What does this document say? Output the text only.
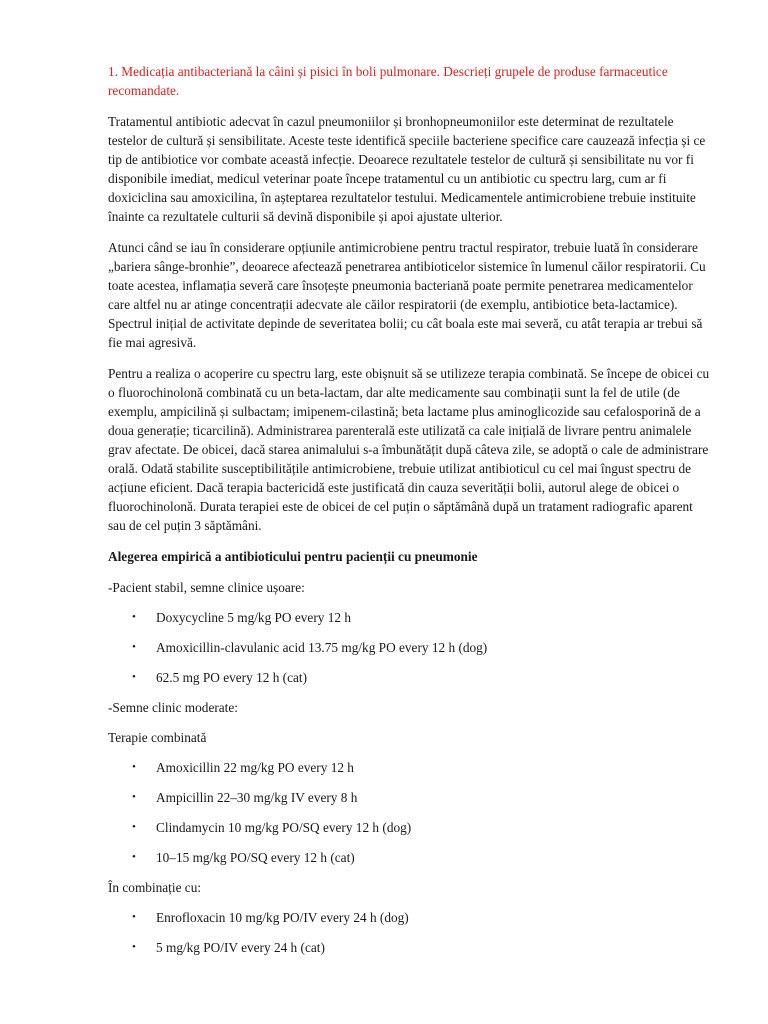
1. Medicația antibacteriană la câini și pisici în boli pulmonare. Descrieți grupele de produse farmaceutice recomandate.

Tratamentul antibiotic adecvat în cazul pneumoniilor și bronhopneumoniilor este determinat de rezultatele testelor de cultură și sensibilitate. Aceste teste identifică speciile bacteriene specifice care cauzează infecția și ce tip de antibiotice vor combate această infecție. Deoarece rezultatele testelor de cultură și sensibilitate nu vor fi disponibile imediat, medicul veterinar poate începe tratamentul cu un antibiotic cu spectru larg, cum ar fi doxiciclina sau amoxicilina, în așteptarea rezultatelor testului. Medicamentele antimicrobiene trebuie instituite înainte ca rezultatele culturii să devină disponibile și apoi ajustate ulterior.

Atunci când se iau în considerare opțiunile antimicrobiene pentru tractul respirator, trebuie luată în considerare „bariera sânge-bronhie”, deoarece afectează penetrarea antibioticelor sistemice în lumenul căilor respiratorii. Cu toate acestea, inflamația severă care însoțește pneumonia bacteriană poate permite penetrarea medicamentelor care altfel nu ar atinge concentrații adecvate ale căilor respiratorii (de exemplu, antibiotice beta-lactamice). Spectrul inițial de activitate depinde de severitatea bolii; cu cât boala este mai severă, cu atât terapia ar trebui să fie mai agresivă.

Pentru a realiza o acoperire cu spectru larg, este obișnuit să se utilizeze terapia combinată. Se începe de obicei cu o fluorochinolonă combinată cu un beta-lactam, dar alte medicamente sau combinații sunt la fel de utile (de exemplu, ampicilină și sulbactam; imipenem-cilastină; beta lactame plus aminoglicozide sau cefalosporină de a doua generație; ticarcilină). Administrarea parenterală este utilizată ca cale inițială de livrare pentru animalele grav afectate. De obicei, dacă starea animalului s-a îmbunătățit după câteva zile, se adoptă o cale de administrare orală. Odată stabilite susceptibilitățile antimicrobiene, trebuie utilizat antibioticul cu cel mai îngust spectru de acțiune eficient. Dacă terapia bactericidă este justificată din cauza severității bolii, autorul alege de obicei o fluorochinolonă. Durata terapiei este de obicei de cel puțin o săptămână după un tratament radiografic aparent sau de cel puțin 3 săptămâni.

Alegerea empirică a antibioticului pentru pacienții cu pneumonie

-Pacient stabil, semne clinice ușoare:

• Doxycycline 5 mg/kg PO every 12 h
• Amoxicillin-clavulanic acid 13.75 mg/kg PO every 12 h (dog)
• 62.5 mg PO every 12 h (cat)

-Semne clinic moderate:

Terapie combinată

• Amoxicillin 22 mg/kg PO every 12 h
• Ampicillin 22–30 mg/kg IV every 8 h
• Clindamycin 10 mg/kg PO/SQ every 12 h (dog)
• 10–15 mg/kg PO/SQ every 12 h (cat)

În combinație cu:

• Enrofloxacin 10 mg/kg PO/IV every 24 h (dog)
• 5 mg/kg PO/IV every 24 h (cat)
